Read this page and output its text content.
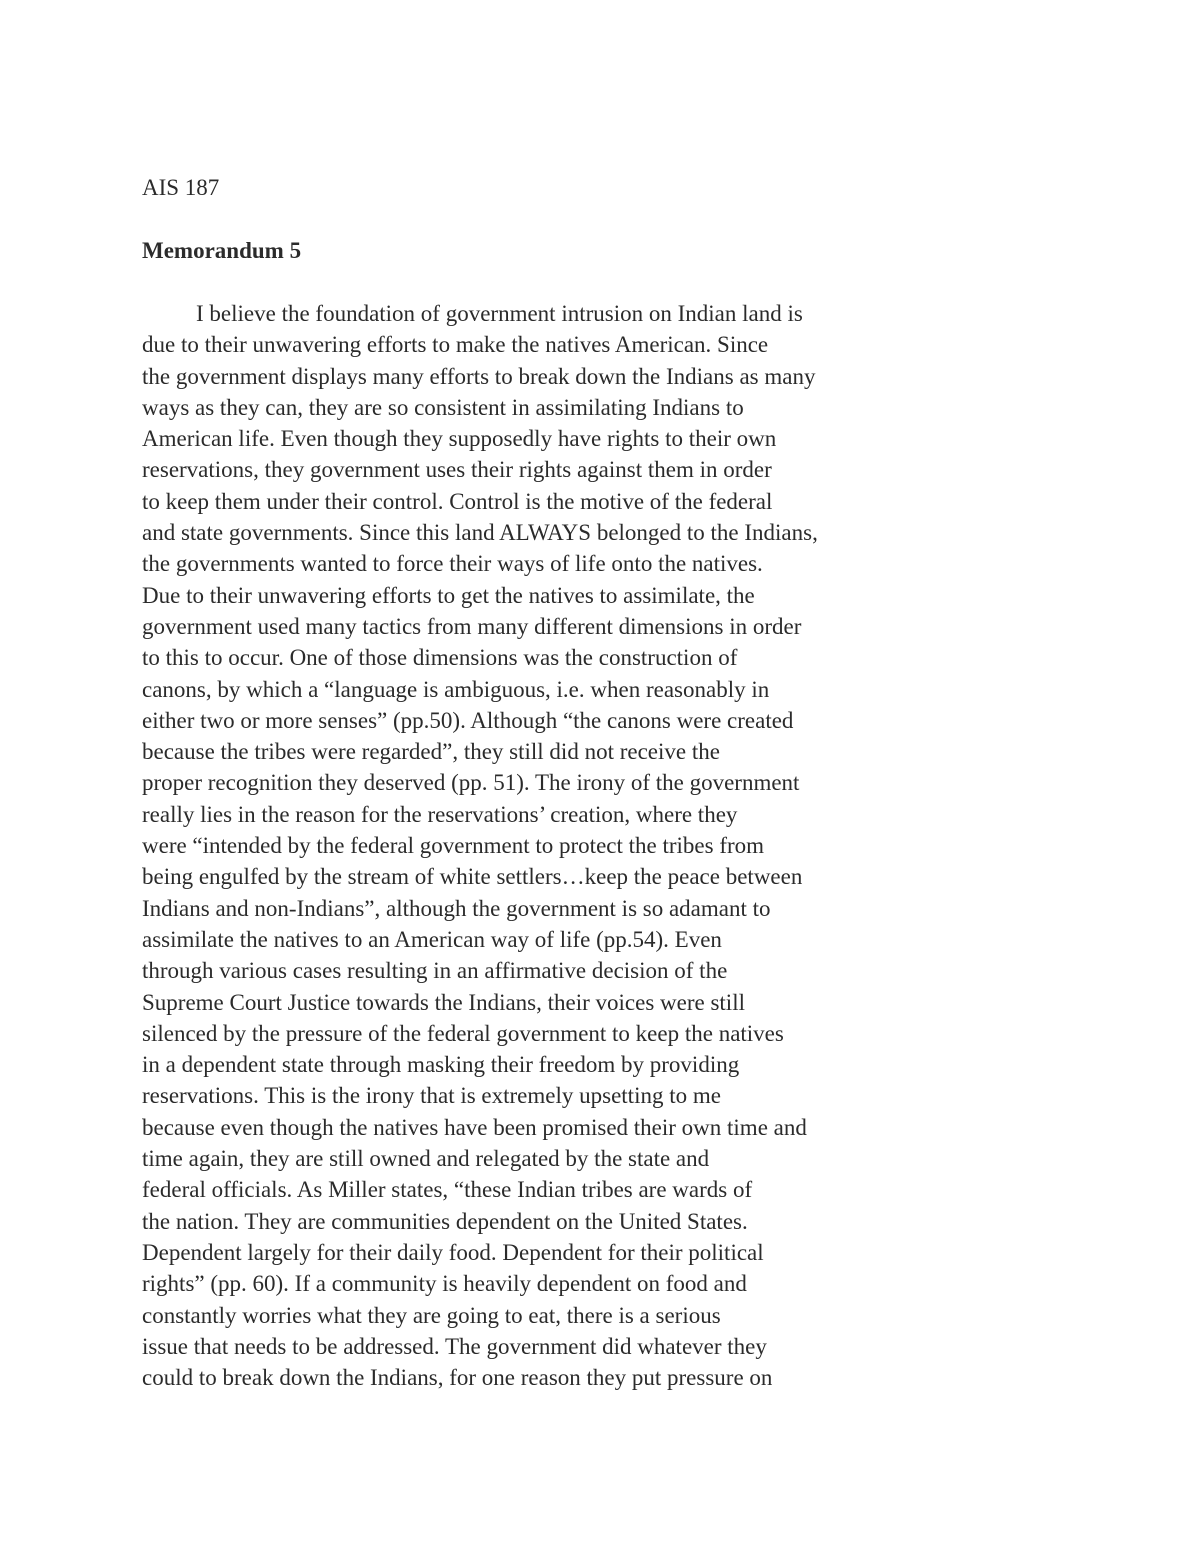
AIS 187

Memorandum 5

I believe the foundation of government intrusion on Indian land is

due to their unwavering efforts to make the natives American. Since

the government displays many efforts to break down the Indians as many

ways as they can, they are so consistent in assimilating Indians to

American life. Even though they supposedly have rights to their own

reservations, they government uses their rights against them in order

to keep them under their control. Control is the motive of the federal

and state governments. Since this land ALWAYS belonged to the Indians,

the governments wanted to force their ways of life onto the natives.

Due to their unwavering efforts to get the natives to assimilate, the

government used many tactics from many different dimensions in order

to this to occur. One of those dimensions was the construction of

canons, by which a “language is ambiguous, i.e. when reasonably in

either two or more senses” (pp.50). Although “the canons were created

because the tribes were regarded”, they still did not receive the

proper recognition they deserved (pp. 51). The irony of the government

really lies in the reason for the reservations’ creation, where they

were “intended by the federal government to protect the tribes from

being engulfed by the stream of white settlers…keep the peace between

Indians and non-Indians”, although the government is so adamant to

assimilate the natives to an American way of life (pp.54). Even

through various cases resulting in an affirmative decision of the

Supreme Court Justice towards the Indians, their voices were still

silenced by the pressure of the federal government to keep the natives

in a dependent state through masking their freedom by providing

reservations. This is the irony that is extremely upsetting to me

because even though the natives have been promised their own time and

time again, they are still owned and relegated by the state and

federal officials. As Miller states, “these Indian tribes are wards of

the nation. They are communities dependent on the United States.

Dependent largely for their daily food. Dependent for their political

rights” (pp. 60). If a community is heavily dependent on food and

constantly worries what they are going to eat, there is a serious

issue that needs to be addressed. The government did whatever they

could to break down the Indians, for one reason they put pressure on
